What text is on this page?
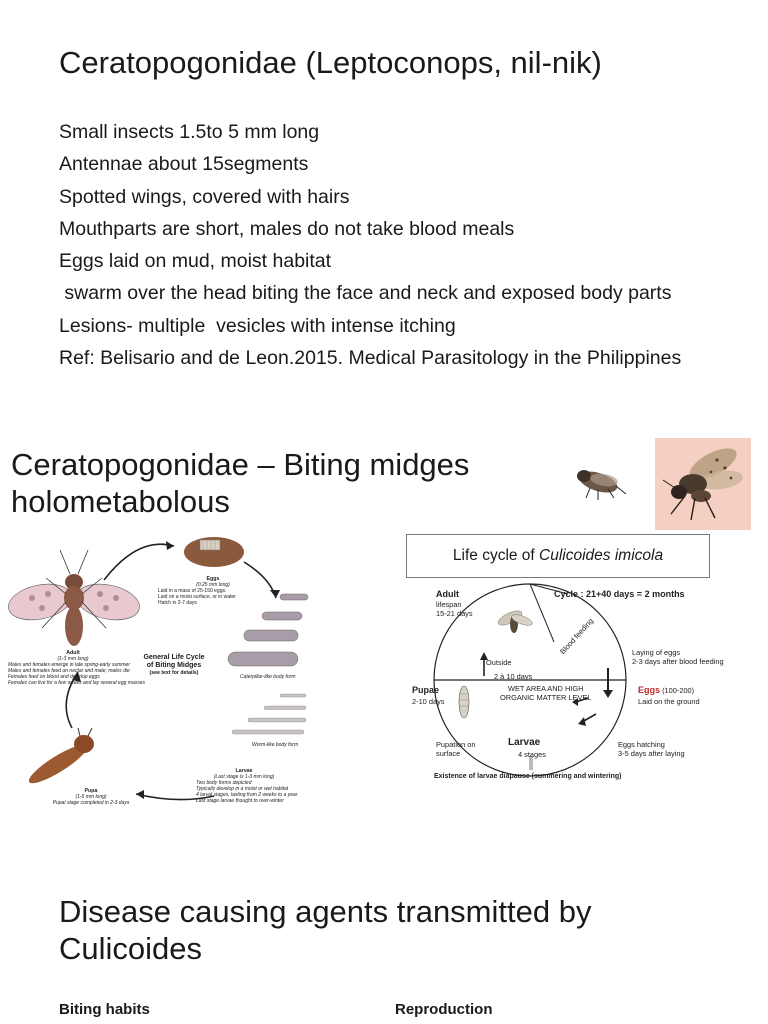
Ceratopogonidae (Leptoconops, nil-nik)
Small insects 1.5to 5 mm long
Antennae about 15segments
Spotted wings, covered with hairs
Mouthparts are short, males do not take blood meals
Eggs laid on mud, moist habitat
swarm over the head biting the face and neck and exposed body parts
Lesions- multiple  vesicles with intense itching
Ref: Belisario and de Leon.2015. Medical Parasitology in the Philippines
Ceratopogonidae – Biting midges
holometabolous
Eggs
(0.25 mm long)
Laid in a mass of 25-150 eggs.
Laid on a moist surface, or in water
Hatch in 2-7 days
Adult
(1-3 mm long)
Males and females emerge in late spring-early summer
Males and females feed on nectar and mate; males die
Females feed on blood and develop eggs
Females can live for a few weeks and lay several egg masses
General Life Cycle
of Biting Midges
(see text for details)
Caterpillar-like body form
Worm-like body form
Pupa
(1-5 mm long)
Pupal stage completed in 2-3 days
Larvae
(Last stage is 1-3 mm long)
Two body forms depicted
Typically develop in a moist or wet habitat
4 larval stages, lasting from 2 weeks to a year
Last stage larvae thought to over-winter
Life cycle of Culicoides imicola
Adult
lifespan
15-21 days
Cycle : 21+40 days = 2 months
Blood feeding	Laying of eggs
2-3 days after blood feeding
Outside
2 à 10 days
WET AREA AND HIGH
ORGANIC MATTER LEVEL
Pupae
2-10 days
Eggs (100-200)
Laid on the ground
Pupation on
surface
Larvae
4 stages
Eggs hatching
3-5 days after laying
Existence of larvae diapause (summering and wintering)
Disease causing agents transmitted by
Culicoides
Biting habits	Reproduction
